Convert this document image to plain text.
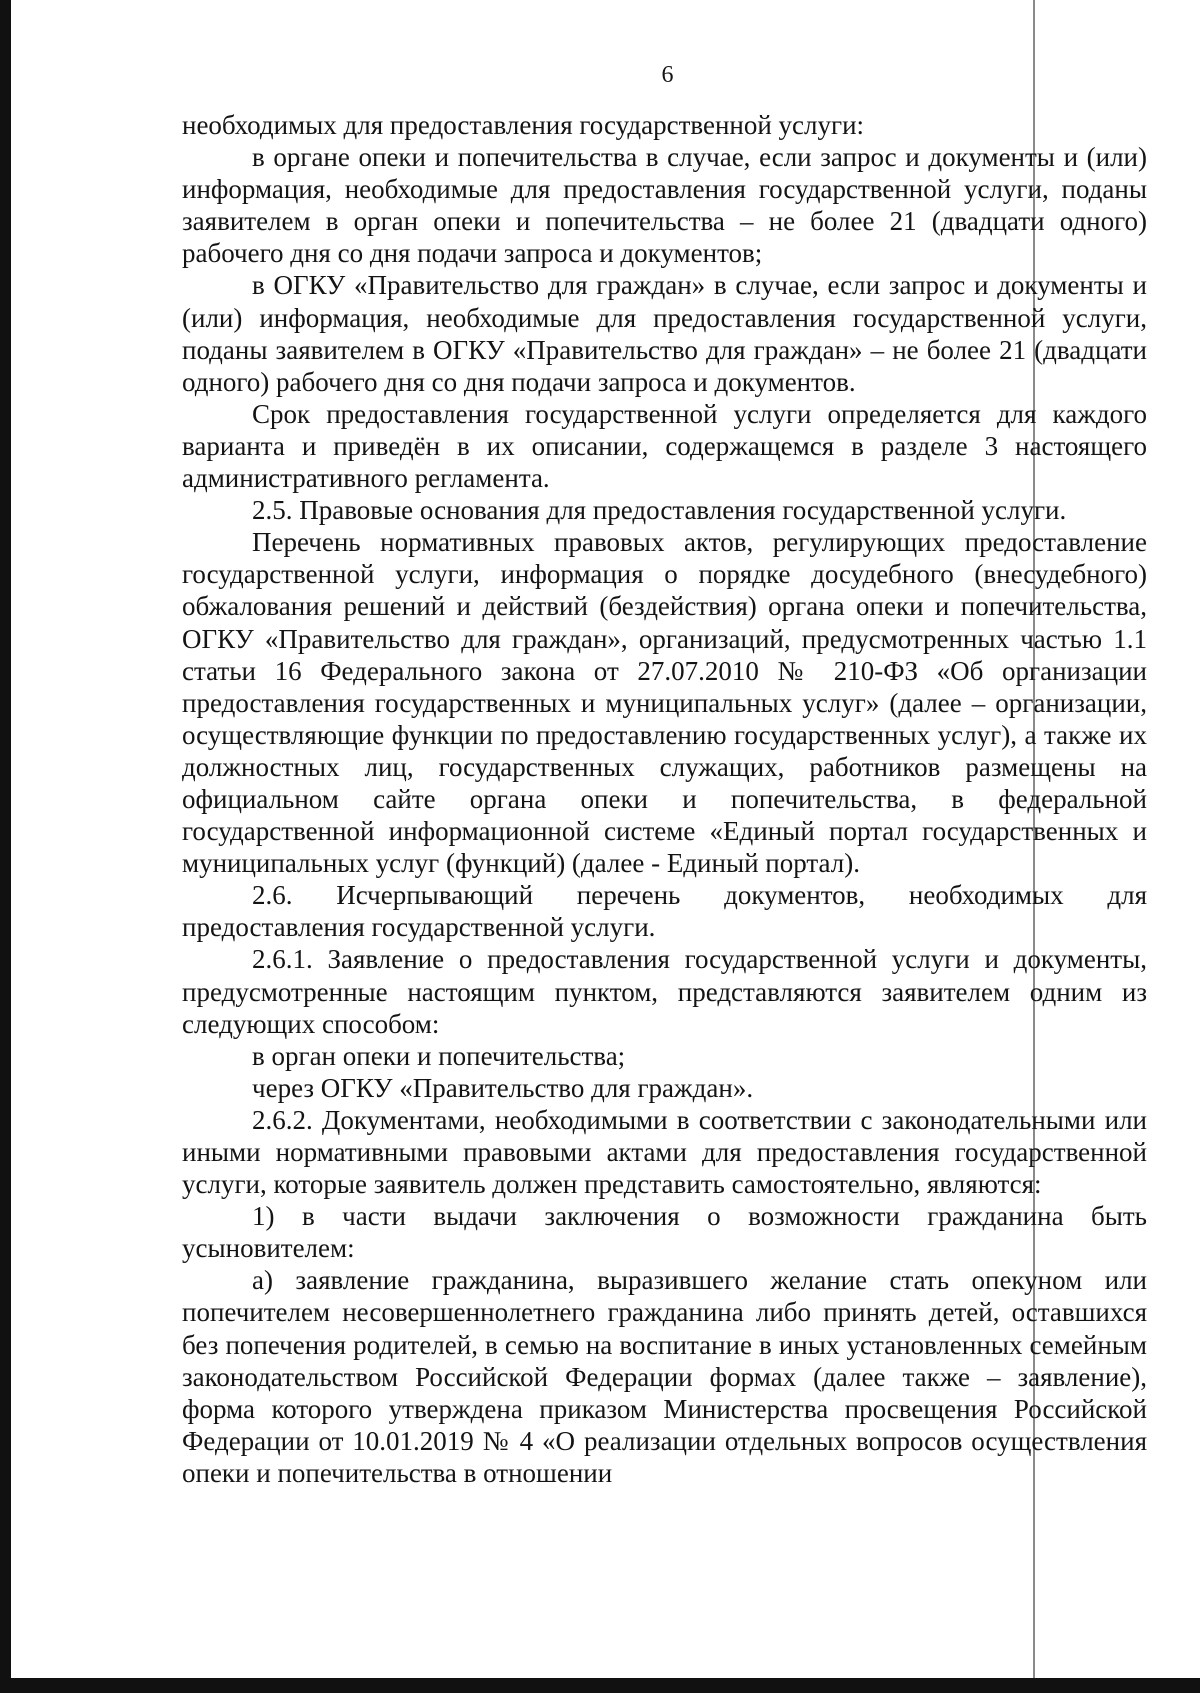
6

необходимых для предоставления государственной услуги:

в органе опеки и попечительства в случае, если запрос и документы и (или) информация, необходимые для предоставления государственной услуги, поданы заявителем в орган опеки и попечительства – не более 21 (двадцати одного) рабочего дня со дня подачи запроса и документов;

в ОГКУ «Правительство для граждан» в случае, если запрос и документы и (или) информация, необходимые для предоставления государственной услуги, поданы заявителем в ОГКУ «Правительство для граждан» – не более 21 (двадцати одного) рабочего дня со дня подачи запроса и документов.

Срок предоставления государственной услуги определяется для каждого варианта и приведён в их описании, содержащемся в разделе 3 настоящего административного регламента.

2.5. Правовые основания для предоставления государственной услуги.

Перечень нормативных правовых актов, регулирующих предоставление государственной услуги, информация о порядке досудебного (внесудебного) обжалования решений и действий (бездействия) органа опеки и попечительства, ОГКУ «Правительство для граждан», организаций, предусмотренных частью 1.1 статьи 16 Федерального закона от 27.07.2010 № 210-ФЗ «Об организации предоставления государственных и муниципальных услуг» (далее – организации, осуществляющие функции по предоставлению государственных услуг), а также их должностных лиц, государственных служащих, работников размещены на официальном сайте органа опеки и попечительства, в федеральной государственной информационной системе «Единый портал государственных и муниципальных услуг (функций) (далее - Единый портал).

2.6. Исчерпывающий перечень документов, необходимых для предоставления государственной услуги.

2.6.1. Заявление о предоставления государственной услуги и документы, предусмотренные настоящим пунктом, представляются заявителем одним из следующих способом:

в орган опеки и попечительства;

через ОГКУ «Правительство для граждан».

2.6.2. Документами, необходимыми в соответствии с законодательными или иными нормативными правовыми актами для предоставления государственной услуги, которые заявитель должен представить самостоятельно, являются:

1) в части выдачи заключения о возможности гражданина быть усыновителем:

а) заявление гражданина, выразившего желание стать опекуном или попечителем несовершеннолетнего гражданина либо принять детей, оставшихся без попечения родителей, в семью на воспитание в иных установленных семейным законодательством Российской Федерации формах (далее также – заявление), форма которого утверждена приказом Министерства просвещения Российской Федерации от 10.01.2019 № 4 «О реализации отдельных вопросов осуществления опеки и попечительства в отношении
